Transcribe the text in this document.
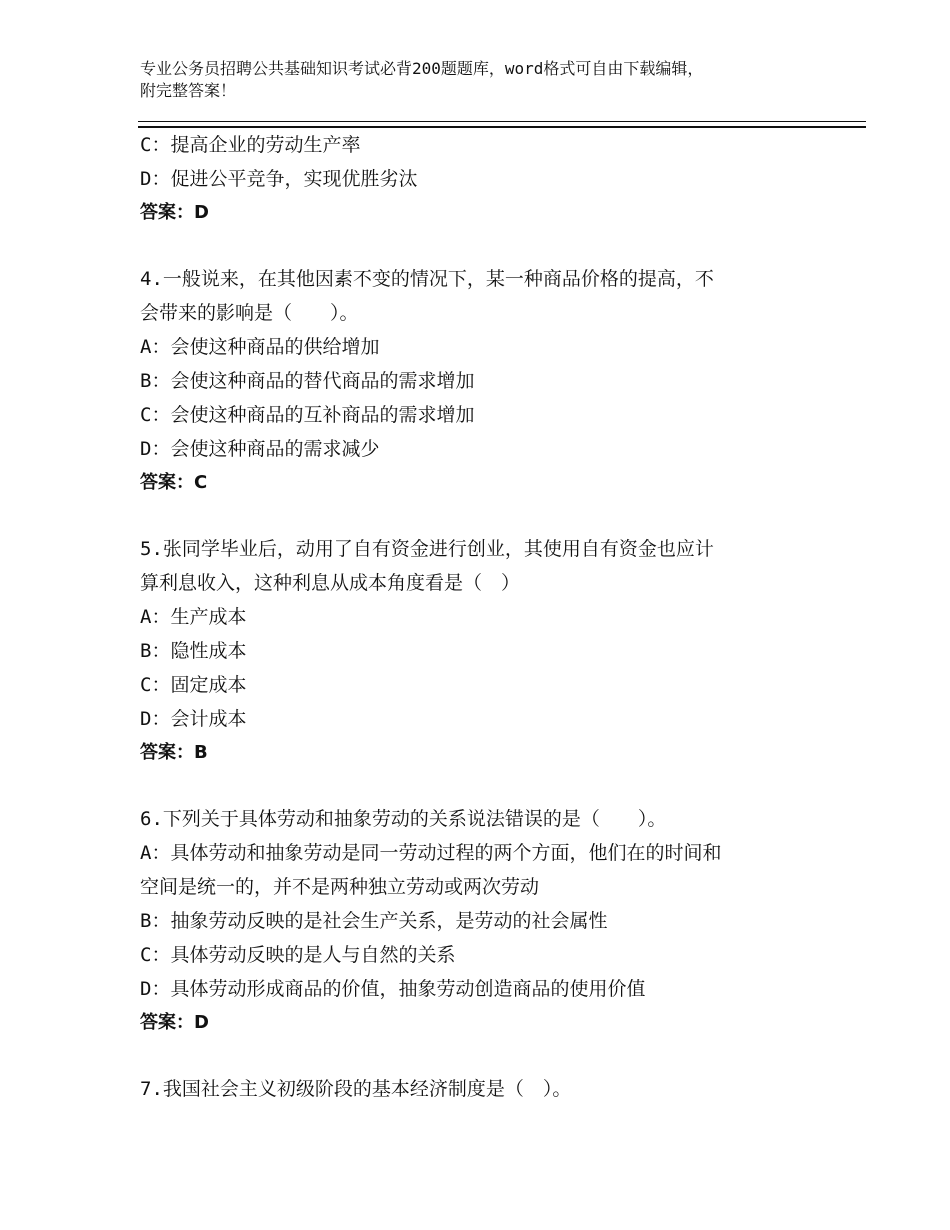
专业公务员招聘公共基础知识考试必背200题题库，word格式可自由下载编辑，
附完整答案！
C：提高企业的劳动生产率
D：促进公平竞争，实现优胜劣汰
答案：D
4.一般说来，在其他因素不变的情况下，某一种商品价格的提高，不
会带来的影响是（　　）。
A：会使这种商品的供给增加
B：会使这种商品的替代商品的需求增加
C：会使这种商品的互补商品的需求增加
D：会使这种商品的需求减少
答案：C
5.张同学毕业后，动用了自有资金进行创业，其使用自有资金也应计
算利息收入，这种利息从成本角度看是（　）
A：生产成本
B：隐性成本
C：固定成本
D：会计成本
答案：B
6.下列关于具体劳动和抽象劳动的关系说法错误的是（　　）。
A：具体劳动和抽象劳动是同一劳动过程的两个方面，他们在的时间和
空间是统一的，并不是两种独立劳动或两次劳动
B：抽象劳动反映的是社会生产关系，是劳动的社会属性
C：具体劳动反映的是人与自然的关系
D：具体劳动形成商品的价值，抽象劳动创造商品的使用价值
答案：D
7.我国社会主义初级阶段的基本经济制度是（　）。
